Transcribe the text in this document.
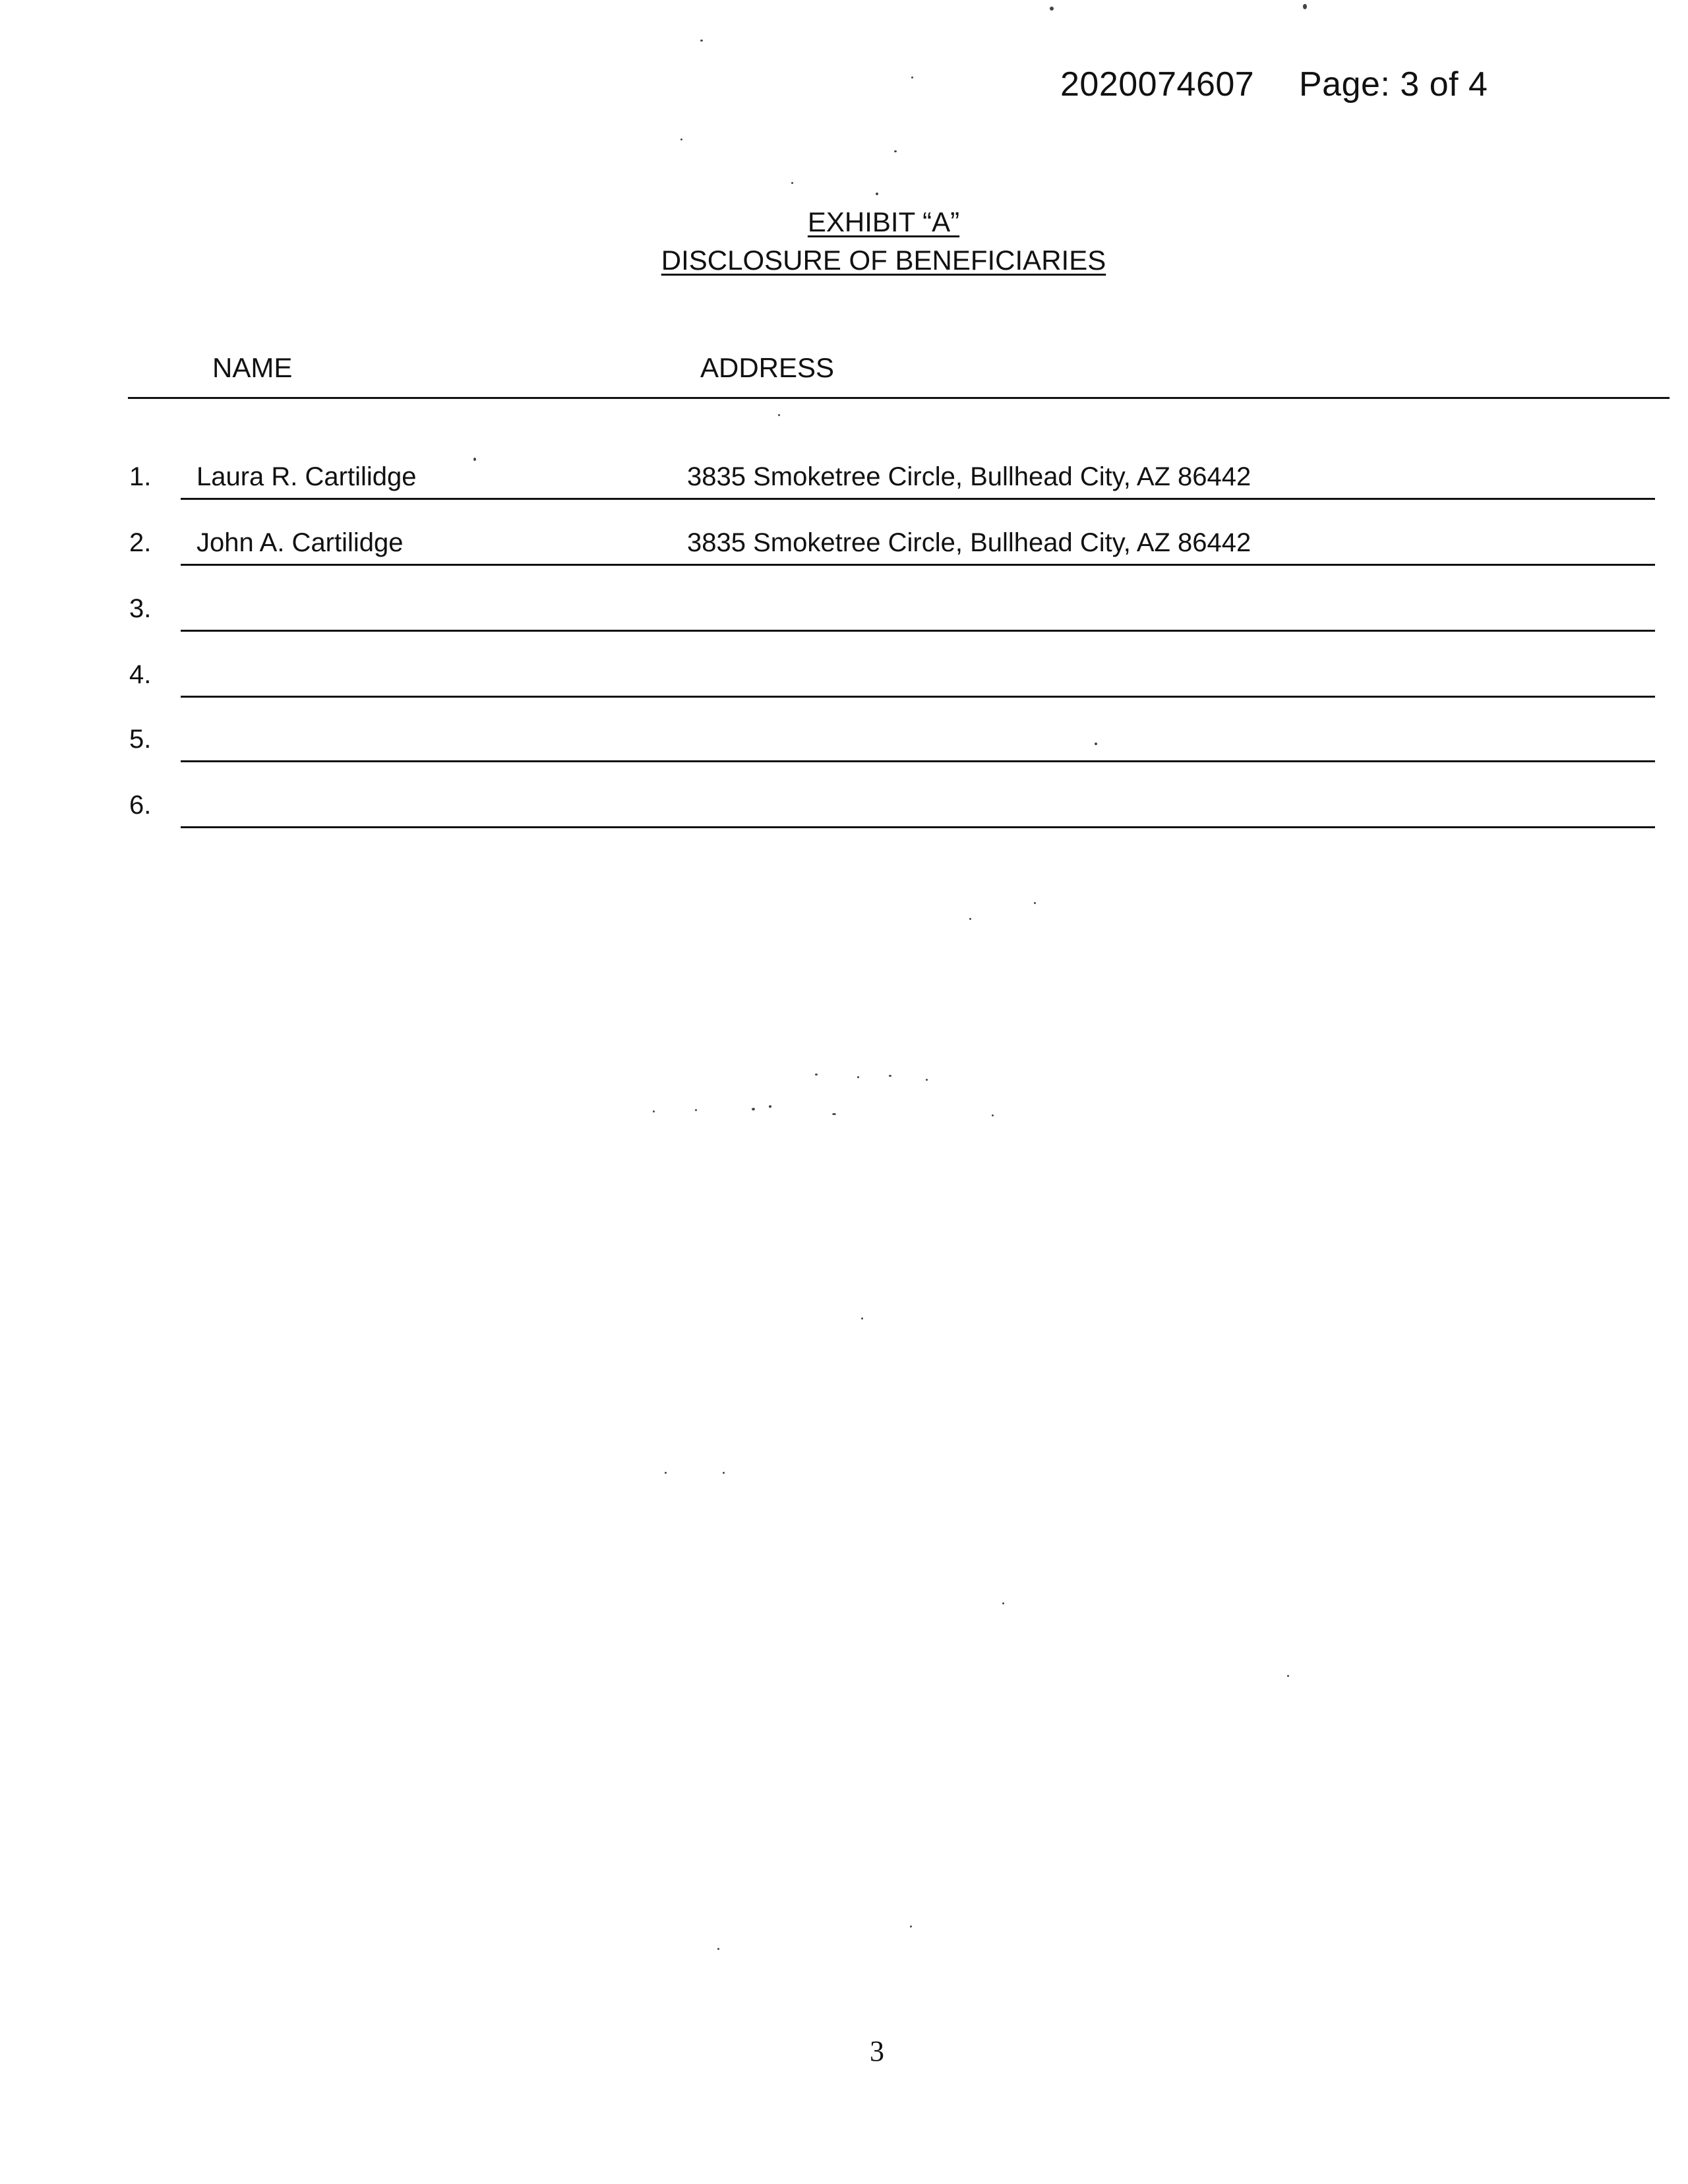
2020074607 Page: 3 of 4
EXHIBIT “A”
DISCLOSURE OF BENEFICIARIES
NAME	ADDRESS
1. Laura R. Cartilidge	3835 Smoketree Circle, Bullhead City, AZ 86442
2. John A. Cartilidge	3835 Smoketree Circle, Bullhead City, AZ 86442
3.
4.
5.
6.
3
